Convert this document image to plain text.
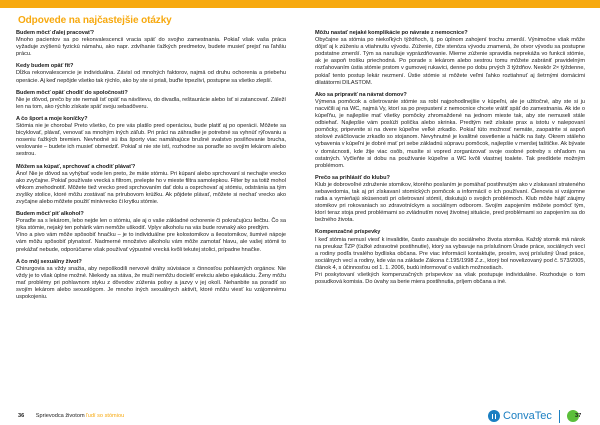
Odpovede na najčastejšie otázky

Budem môcť ďalej pracovať?

Mnoho pacientov sa po rekonvalescencii vracia späť do svojho zamestnania. Pokiaľ však vaša práca vyžaduje zvýšenú fyzickú námahu, ako napr. zdvíhanie ťažkých predmetov, budete musieť prejsť na ľahšiu prácu.

Kedy budem opäť fit?

Dĺžka rekonvalescencie je individuálna. Závisí od mnohých faktorov, najmä od druhu ochorenia a priebehu operácie. Aj keď nepôjde všetko tak rýchlo, ako by ste si priali, buďte trpezliví, postupne sa všetko zlepší.

Budem môcť opäť chodiť do spoločnosti?

Nie je dôvod, prečo by ste nemali ísť opäť na návštevu, do divadla, reštaurácie alebo ísť si zatancovať. Záleží len na tom, ako rýchlo získate späť svoju sebadôveru.

A čo šport a moje koníčky?

Stómia nie je choroba! Preto všetko, čo pre vás platilo pred operáciou, bude platiť aj po operácii. Môžete sa bicyklovať, plávať, venovať sa mnohým iných záľub. Pri práci na záhradke je potrebné sa vyhnúť rýľovaniu a noseniu ťažkých bremien. Nevhodné sú iba športy viac namáhajúce brušné svalstvo posilňovanie brucha, veslovanie – budete ich musieť obmedziť. Pokiaľ si nie ste istí, rozhodne sa poraďte so svojím lekárom alebo sestrou.

Môžem sa kúpať, sprchovať a chodiť plávať?

Áno! Nie je dôvod sa vyhýbať vode len preto, že máte stómiu. Pri kúpaní alebo sprchovaní si nechajte vrecko ako zvyčajne. Pokiaľ používate vrecká s filtrom, prelepte ho v mieste filtra samolepkou. Filter by sa totiž mohol vlhkom znehodnotiť. Môžete tiež vrecko pred sprchovaním dať dolu a osprchovať aj stómiu, odstránia sa tým zvyšky stolice, ktoré môžu zostávať na prírubovom krúžku. Ak pôjdete plávať, môžete si nechať vrecko ako zvyčajne alebo môžete použiť minivrecko či krytku stómie.

Budem môcť piť alkohol?

Poraďte sa s lekárom, lebo nejde len o stómiu, ale aj o vaše základné ochorenie či pokračujúcu liečbu. Čo sa týka stómie, nejaký ten pohárik vám nemôže uškodiť. Vplyv alkoholu na vás bude rovnaký ako predtým.

Víno a pivo vám môže spôsobiť hnačku – je to individuálne pre kolostomikov a ileostomikov, šumivé nápoje vám môžu spôsobiť plynatosť. Nadmerné množstvo alkoholu vám môže zamotať hlavu, ale vašej stómii to prekážať nebude, odporúčame však používať výpustné vrecká kvôli tekutej stolici, prípadne hnačke.

A čo môj sexuálny život?

Chirurgovia sa vždy snažia, aby nepoškodili nervové dráhy súvisiace s činnosťou pohlavných orgánov. Nie vždy je to však úplne možné. Niekedy sa stáva, že muži nemôžu docieliť erekciu alebo ejakuláciu. Ženy môžu mať problémy pri pohlavnom styku z dôvodov zúženia pošvy a jazvy v jej okolí. Nehanbite sa poradiť so svojím lekárom alebo sexuológom. Je mnoho iných sexuálnych aktivít, ktoré môžu viesť ku vzájomnému uspokojeniu.

Môžu nastať nejaké komplikácie po návrate z nemocnice?

Obyčajne sa stómia po niekoľkých týždňoch, tj. po úplnom zahojení trochu zmenší. Výnimočne však môže dôjsť aj k zúženiu a vtiahnutiu vývodu. Zúženie, čiže stenóza vývodu znamená, že otvor vývodu sa postupne podstatne zmenší. Tým sa narušuje vyprázdňovanie. Mierne zúženie spravidla neprekáža vo funkcii stómie, ak je aspoň trošku priechodná. Po porade s lekárom alebo sestrou tomu môžete zabrániť pravidelným rozťahovaním ústia stómie prstom v gumovej rukavici, denne po dobu prvých 3 týždňov. Neskôr 2× týždenne, pokiaľ tento postup lekár nezmení. Ústie stómie si môžete veľmi ľahko roztiahnuť aj šetrnými domácimi dilatátormi DILASTOM.

Ako sa pripraviť na návrat domov?

Výmena pomôcok a ošetrovanie stómie sa robí najpohodlnejšie v kúpeľni, ale je užitočné, aby ste si ju nacvičili aj na WC, najmä Vy, ktorí sa po prepustení z nemocnice chcete vrátiť späť do zamestnania. Ak ide o kúpeľňu, je najlepšie mať všetky pomôcky zhromaždené na jednom mieste tak, aby ste nemuseli stále odbiehať. Najlepšie vám poslúži polička alebo skrinka. Predtým než získate prax a istotu v nalepovaní pomôcky, pripevnite si na dvere kúpeľne veľké zrkadlo. Pokiaľ túto možnosť nemáte, zaopatrite si aspoň stolové zväčšovacie zrkadlo so stojanom. Nevyhnutné je kvalitné osvetlenie a háčik na šaty. Okrem stáleho vybavenia v kúpeľni je dobré mať pri sebe základnú súpravu pomôcok, najlepšie v menšej taštičke. Ak bývate v domácnosti, kde žije viac osôb, musíte si vopred zorganizovať svoje osobné potreby s ohľadom na ostatných. Vyčleňte si dobu na používanie kúpeľne a WC kvôli vlastnej toalete. Tak predídete možným problémom.

Prečo sa prihlásiť do klubu?

Klub je dobrovoľné združenie stomikov, ktorého poslaním je pomáhať postihnutým ako v získavaní strateného sebavedomia, tak aj pri získavaní stomických pomôcok a informácií o ich používaní. Členovia si vzájomne radia a vymieňajú skúsenosti pri ošetrovaní stómií, diskutujú o svojich problémoch. Klub môže hájiť záujmy stomikov pri rokovaniach so zdravotníckym a sociálnym odborom. Svojím zapojením môžete pomôcť tým, ktorí teraz stoja pred problémami so zvládnutím novej životnej situácie, pred problémami so zapojením sa do bežného života.

Kompenzačné príspevky

I keď stómia nemusí viesť k invalidite, často zasahuje do sociálneho života stomika. Každý stomik má nárok na preukaz ŤZP (ťažké zdravotné postihnutie), ktorý sa vybavuje na príslušnom Úrade práce, sociálnych vecí a rodiny podľa trvalého bydliska občana. Pre viac informácií kontaktujte, prosím, svoj príslušný Úrad práce, sociálnych vecí a rodiny, kde vás na základe Zákona č.195/1998 Z.z., ktorý bol novelizovaný pod č. 573/2005, článok 4, s účinnosťou od 1. 1. 2006, budú informovať o vašich možnostiach.

Pri poskytovaní všetkých kompenzačných príspevkov sa však postupuje individuálne. Rozhoduje o tom posudková komisia. Do úvahy sa berie miera postihnutia, príjem občana a iné.

36 Sprievodca životom ľudí so stómiou	ConvaTec	37
